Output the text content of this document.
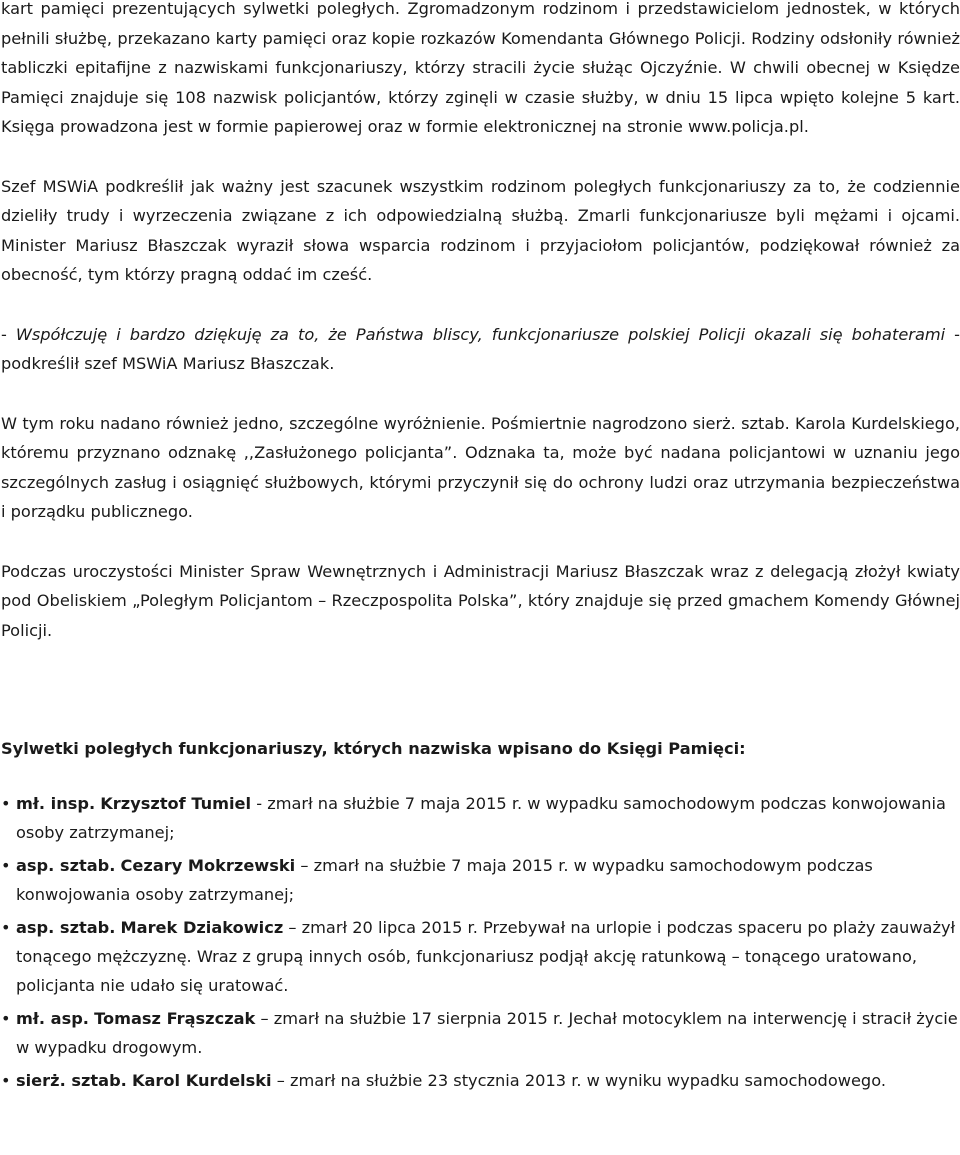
kart pamięci prezentujących sylwetki poległych. Zgromadzonym rodzinom i przedstawicielom jednostek, w których pełnili służbę, przekazano karty pamięci oraz kopie rozkazów Komendanta Głównego Policji. Rodziny odsłoniły również tabliczki epitafijne z nazwiskami funkcjonariuszy, którzy stracili życie służąc Ojczyźnie. W chwili obecnej w Księdze Pamięci znajduje się 108 nazwisk policjantów, którzy zginęli w czasie służby, w dniu 15 lipca wpięto kolejne 5 kart. Księga prowadzona jest w formie papierowej oraz w formie elektronicznej na stronie www.policja.pl.

Szef MSWiA podkreślił jak ważny jest szacunek wszystkim rodzinom poległych funkcjonariuszy za to, że codziennie dzieliły trudy i wyrzeczenia związane z ich odpowiedzialną służbą. Zmarli funkcjonariusze byli mężami i ojcami. Minister Mariusz Błaszczak wyraził słowa wsparcia rodzinom i przyjaciołom policjantów, podziękował również za obecność, tym którzy pragną oddać im cześć.

- Współczuję i bardzo dziękuję za to, że Państwa bliscy, funkcjonariusze polskiej Policji okazali się bohaterami - podkreślił szef MSWiA Mariusz Błaszczak.

W tym roku nadano również jedno, szczególne wyróżnienie. Pośmiertnie nagrodzono sierż. sztab. Karola Kurdelskiego, któremu przyznano odznakę ,,Zasłużonego policjanta”. Odznaka ta, może być nadana policjantowi w uznaniu jego szczególnych zasług i osiągnięć służbowych, którymi przyczynił się do ochrony ludzi oraz utrzymania bezpieczeństwa i porządku publicznego.

Podczas uroczystości Minister Spraw Wewnętrznych i Administracji Mariusz Błaszczak wraz z delegacją złożył kwiaty pod Obeliskiem „Poległym Policjantom – Rzeczpospolita Polska”, który znajduje się przed gmachem Komendy Głównej Policji.

Sylwetki poległych funkcjonariuszy, których nazwiska wpisano do Księgi Pamięci:
• mł. insp. Krzysztof Tumiel - zmarł na służbie 7 maja 2015 r. w wypadku samochodowym podczas konwojowania osoby zatrzymanej;
• asp. sztab. Cezary Mokrzewski – zmarł na służbie 7 maja 2015 r. w wypadku samochodowym podczas konwojowania osoby zatrzymanej;
• asp. sztab. Marek Dziakowicz – zmarł 20 lipca 2015 r. Przebywał na urlopie i podczas spaceru po plaży zauważył tonącego mężczyznę. Wraz z grupą innych osób, funkcjonariusz podjął akcję ratunkową – tonącego uratowano, policjanta nie udało się uratować.
• mł. asp. Tomasz Frąszczak – zmarł na służbie 17 sierpnia 2015 r. Jechał motocyklem na interwencję i stracił życie w wypadku drogowym.
• sierż. sztab. Karol Kurdelski – zmarł na służbie 23 stycznia 2013 r. w wyniku wypadku samochodowego.
